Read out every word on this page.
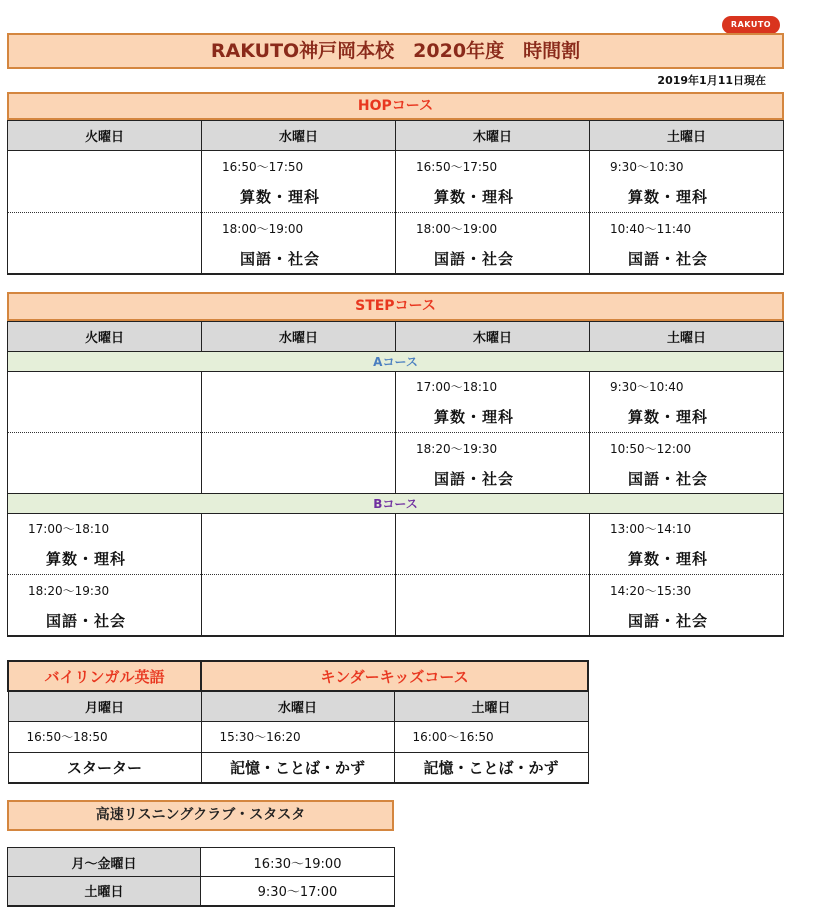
RAKUTO
RAKUTO神戸岡本校　2020年度　時間割
2019年1月11日現在
HOPコース
火曜日	水曜日	木曜日	土曜日
	16:50～17:50	16:50～17:50	9:30～10:30
	算数・理科	算数・理科	算数・理科
	18:00～19:00	18:00～19:00	10:40～11:40
	国語・社会	国語・社会	国語・社会
STEPコース
火曜日	水曜日	木曜日	土曜日
Aコース			
		17:00～18:10	9:30～10:40
		算数・理科	算数・理科
		18:20～19:30	10:50～12:00
		国語・社会	国語・社会
Bコース			
17:00～18:10			13:00～14:10
算数・理科			算数・理科
18:20～19:30			14:20～15:30
国語・社会			国語・社会
バイリンガル英語	キンダーキッズコース	
月曜日	水曜日	土曜日
16:50～18:50	15:30～16:20	16:00～16:50
スターター	記憶・ことば・かず	記憶・ことば・かず
高速リスニングクラブ・スタスタ
月～金曜日	16:30～19:00
土曜日	9:30～17:00
